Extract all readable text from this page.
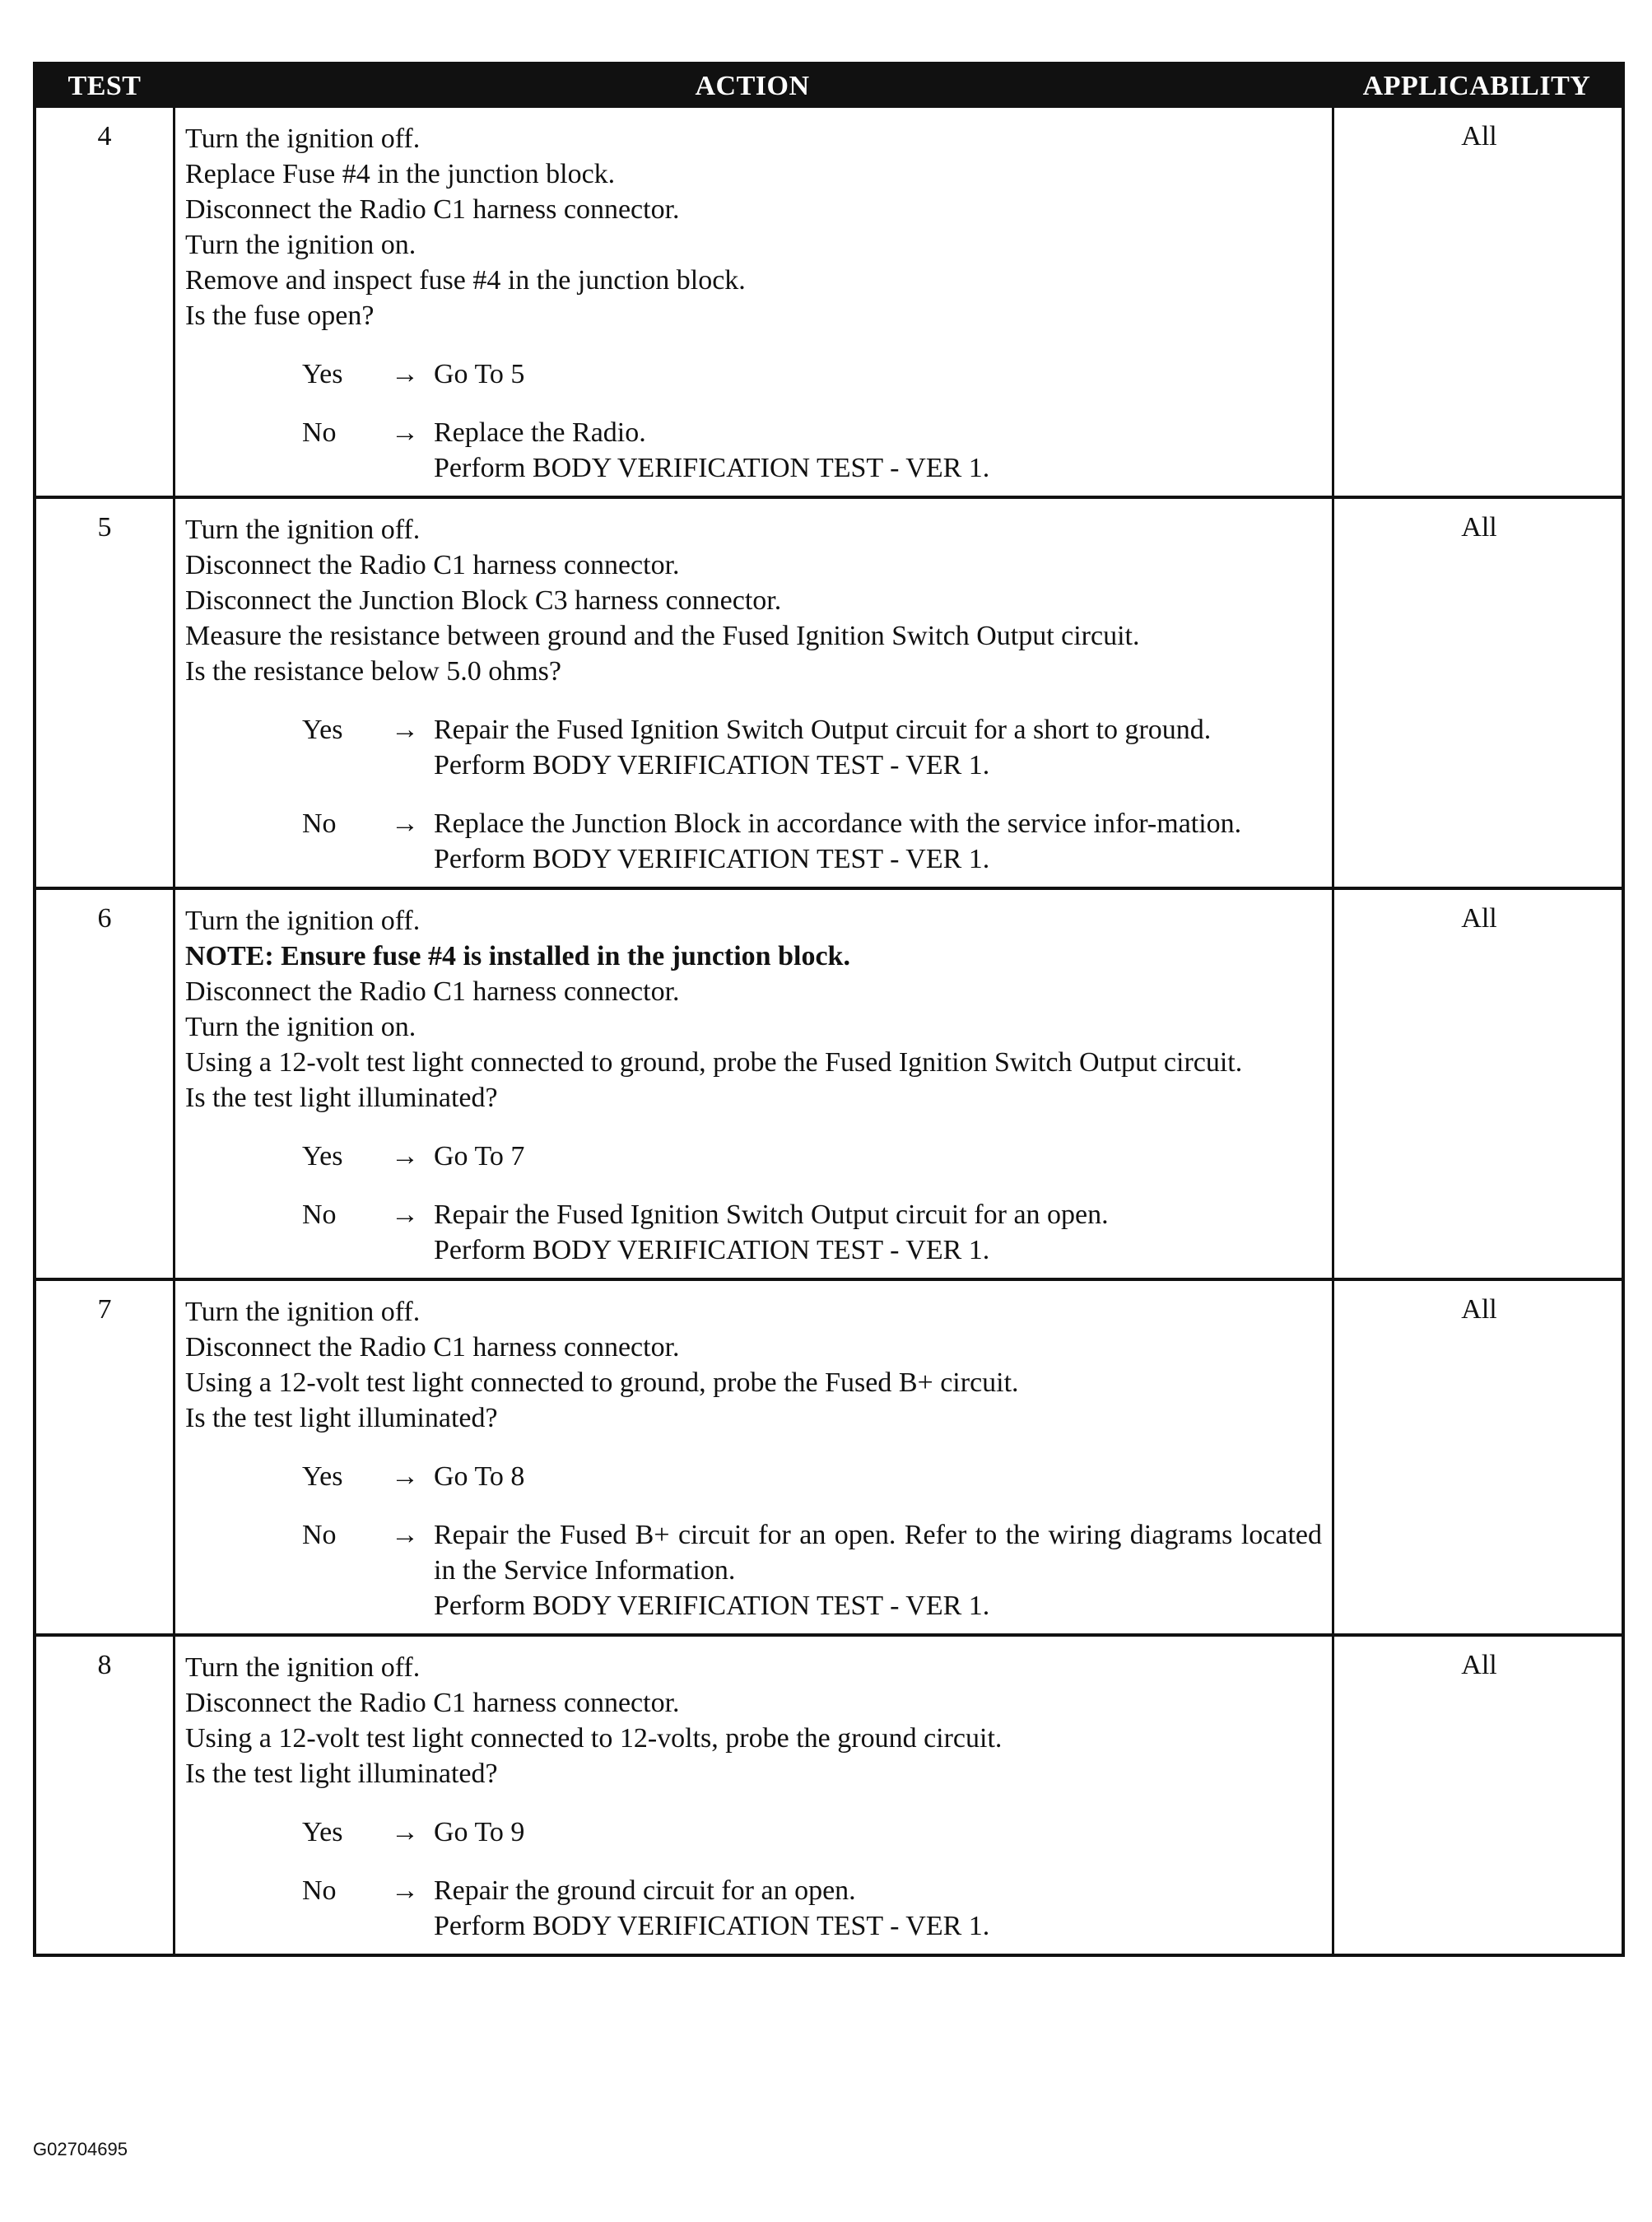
TEST	ACTION	APPLICABILITY
4	Turn the ignition off.
Replace Fuse #4 in the junction block.
Disconnect the Radio C1 harness connector.
Turn the ignition on.
Remove and inspect fuse #4 in the junction block.
Is the fuse open?
Yes	→ Go To 5
No	→ Replace the Radio.
Perform BODY VERIFICATION TEST - VER 1.
All
5	Turn the ignition off.
Disconnect the Radio C1 harness connector.
Disconnect the Junction Block C3 harness connector.
Measure the resistance between ground and the Fused Ignition Switch Output circuit.
Is the resistance below 5.0 ohms?
Yes	→ Repair the Fused Ignition Switch Output circuit for a short to ground.
Perform BODY VERIFICATION TEST - VER 1.
No	→ Replace the Junction Block in accordance with the service infor-mation.
Perform BODY VERIFICATION TEST - VER 1.
All
6	Turn the ignition off.
NOTE: Ensure fuse #4 is installed in the junction block.
Disconnect the Radio C1 harness connector.
Turn the ignition on.
Using a 12-volt test light connected to ground, probe the Fused Ignition Switch Output circuit.
Is the test light illuminated?
Yes	→ Go To 7
No	→ Repair the Fused Ignition Switch Output circuit for an open.
Perform BODY VERIFICATION TEST - VER 1.
All
7	Turn the ignition off.
Disconnect the Radio C1 harness connector.
Using a 12-volt test light connected to ground, probe the Fused B+ circuit.
Is the test light illuminated?
Yes	→ Go To 8
No	→ Repair the Fused B+ circuit for an open. Refer to the wiring diagrams located in the Service Information.
Perform BODY VERIFICATION TEST - VER 1.
All
8	Turn the ignition off.
Disconnect the Radio C1 harness connector.
Using a 12-volt test light connected to 12-volts, probe the ground circuit.
Is the test light illuminated?
Yes	→ Go To 9
No	→ Repair the ground circuit for an open.
Perform BODY VERIFICATION TEST - VER 1.
All
G02704695
